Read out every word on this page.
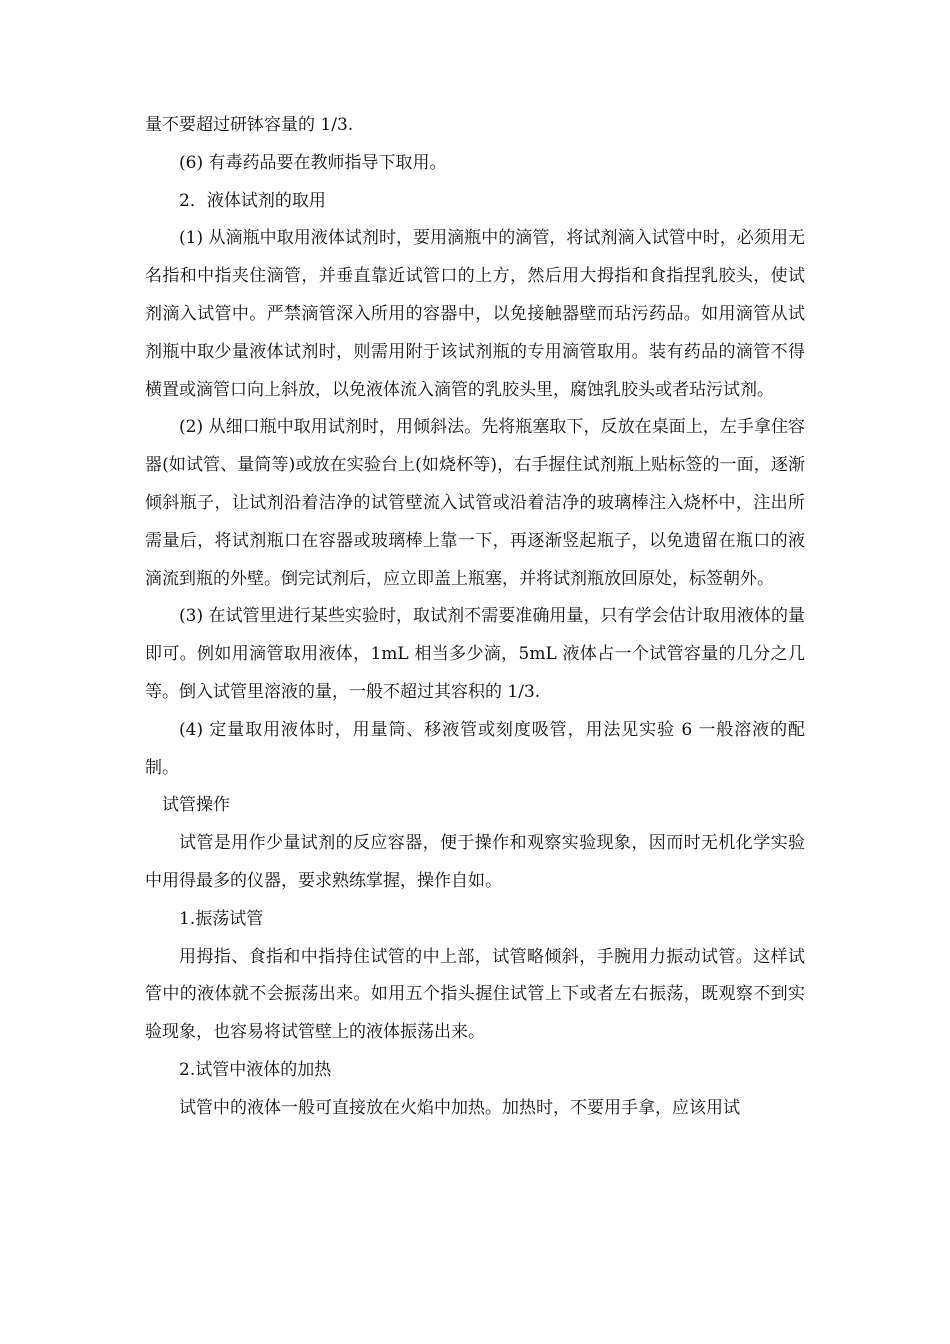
量不要超过研钵容量的 1/3.

(6) 有毒药品要在教师指导下取用。

2．液体试剂的取用

(1) 从滴瓶中取用液体试剂时，要用滴瓶中的滴管，将试剂滴入试管中时，必须用无名指和中指夹住滴管，并垂直靠近试管口的上方，然后用大拇指和食指捏乳胶头，使试剂滴入试管中。严禁滴管深入所用的容器中，以免接触器壁而玷污药品。如用滴管从试剂瓶中取少量液体试剂时，则需用附于该试剂瓶的专用滴管取用。装有药品的滴管不得横置或滴管口向上斜放，以免液体流入滴管的乳胶头里，腐蚀乳胶头或者玷污试剂。

(2) 从细口瓶中取用试剂时，用倾斜法。先将瓶塞取下，反放在桌面上，左手拿住容器(如试管、量筒等)或放在实验台上(如烧杯等)，右手握住试剂瓶上贴标签的一面，逐渐倾斜瓶子，让试剂沿着洁净的试管壁流入试管或沿着洁净的玻璃棒注入烧杯中，注出所需量后，将试剂瓶口在容器或玻璃棒上靠一下，再逐渐竖起瓶子，以免遗留在瓶口的液滴流到瓶的外壁。倒完试剂后，应立即盖上瓶塞，并将试剂瓶放回原处，标签朝外。

(3) 在试管里进行某些实验时，取试剂不需要准确用量，只有学会估计取用液体的量即可。例如用滴管取用液体，1mL 相当多少滴，5mL 液体占一个试管容量的几分之几等。倒入试管里溶液的量，一般不超过其容积的 1/3.

(4) 定量取用液体时，用量筒、移液管或刻度吸管，用法见实验 6 一般溶液的配制。

试管操作

试管是用作少量试剂的反应容器，便于操作和观察实验现象，因而时无机化学实验中用得最多的仪器，要求熟练掌握，操作自如。

1.振荡试管

用拇指、食指和中指持住试管的中上部，试管略倾斜，手腕用力振动试管。这样试管中的液体就不会振荡出来。如用五个指头握住试管上下或者左右振荡，既观察不到实验现象，也容易将试管壁上的液体振荡出来。

2.试管中液体的加热

试管中的液体一般可直接放在火焰中加热。加热时，不要用手拿，应该用试
